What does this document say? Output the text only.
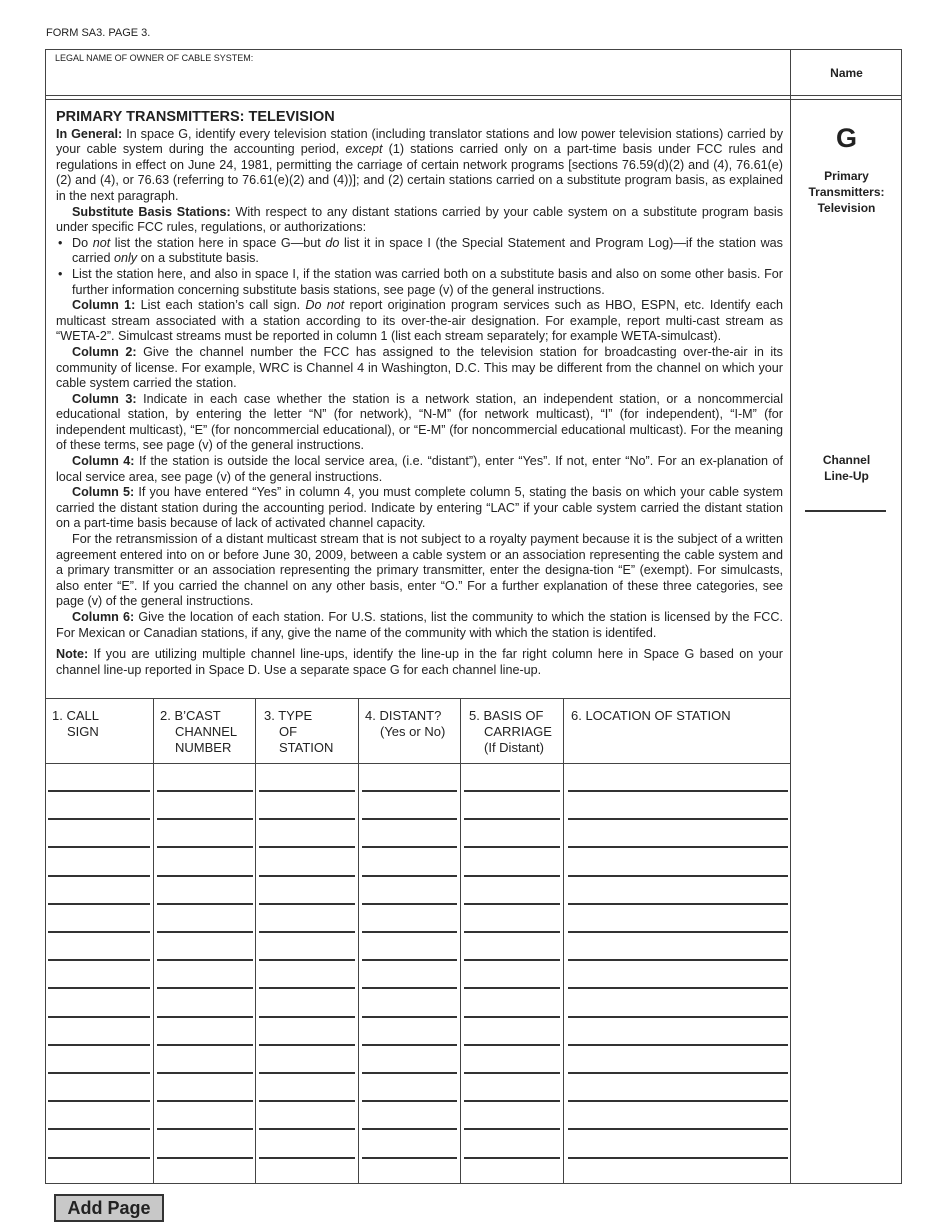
FORM SA3. PAGE 3.
LEGAL NAME OF OWNER OF CABLE SYSTEM:
Name
G
Primary
Transmitters:
Television
Channel
Line-Up
PRIMARY TRANSMITTERS: TELEVISION

In General: In space G, identify every television station (including translator stations and low power television stations) carried by your cable system during the accounting period, except (1) stations carried only on a part-time basis under FCC rules and regulations in effect on June 24, 1981, permitting the carriage of certain network programs [sections 76.59(d)(2) and (4), 76.61(e)(2) and (4), or 76.63 (referring to 76.61(e)(2) and (4))]; and (2) certain stations carried on a substitute program basis, as explained in the next paragraph.

Substitute Basis Stations: With respect to any distant stations carried by your cable system on a substitute program basis under specific FCC rules, regulations, or authorizations:

• Do not list the station here in space G—but do list it in space I (the Special Statement and Program Log)—if the station was carried only on a substitute basis.
• List the station here, and also in space I, if the station was carried both on a substitute basis and also on some other basis. For further information concerning substitute basis stations, see page (v) of the general instructions.

Column 1: List each station’s call sign. Do not report origination program services such as HBO, ESPN, etc. Identify each multicast stream associated with a station according to its over-the-air designation. For example, report multi-cast stream as “WETA-2”. Simulcast streams must be reported in column 1 (list each stream separately; for example WETA-simulcast).

Column 2: Give the channel number the FCC has assigned to the television station for broadcasting over-the-air in its community of license. For example, WRC is Channel 4 in Washington, D.C. This may be different from the channel on which your cable system carried the station.

Column 3: Indicate in each case whether the station is a network station, an independent station, or a noncommercial educational station, by entering the letter “N” (for network), “N-M” (for network multicast), “I” (for independent), “I-M” (for independent multicast), “E” (for noncommercial educational), or “E-M” (for noncommercial educational multicast). For the meaning of these terms, see page (v) of the general instructions.

Column 4: If the station is outside the local service area, (i.e. “distant”), enter “Yes”. If not, enter “No”. For an ex-planation of local service area, see page (v) of the general instructions.

Column 5: If you have entered “Yes” in column 4, you must complete column 5, stating the basis on which your cable system carried the distant station during the accounting period. Indicate by entering “LAC” if your cable system carried the distant station on a part-time basis because of lack of activated channel capacity.

For the retransmission of a distant multicast stream that is not subject to a royalty payment because it is the subject of a written agreement entered into on or before June 30, 2009, between a cable system or an association representing the cable system and a primary transmitter or an association representing the primary transmitter, enter the designa-tion “E” (exempt). For simulcasts, also enter “E”. If you carried the channel on any other basis, enter “O.” For a further explanation of these three categories, see page (v) of the general instructions.

Column 6: Give the location of each station. For U.S. stations, list the community to which the station is licensed by the FCC. For Mexican or Canadian stations, if any, give the name of the community with which the station is identifed.

Note: If you are utilizing multiple channel line-ups, identify the line-up in the far right column here in Space G based on your channel line-up reported in Space D. Use a separate space G for each channel line-up.

1. CALL
SIGN
2. B’CAST
CHANNEL
NUMBER
3. TYPE
OF
STATION
4. DISTANT?
(Yes or No)
5. BASIS OF
CARRIAGE
(If Distant)
6. LOCATION OF STATION
Add Page
